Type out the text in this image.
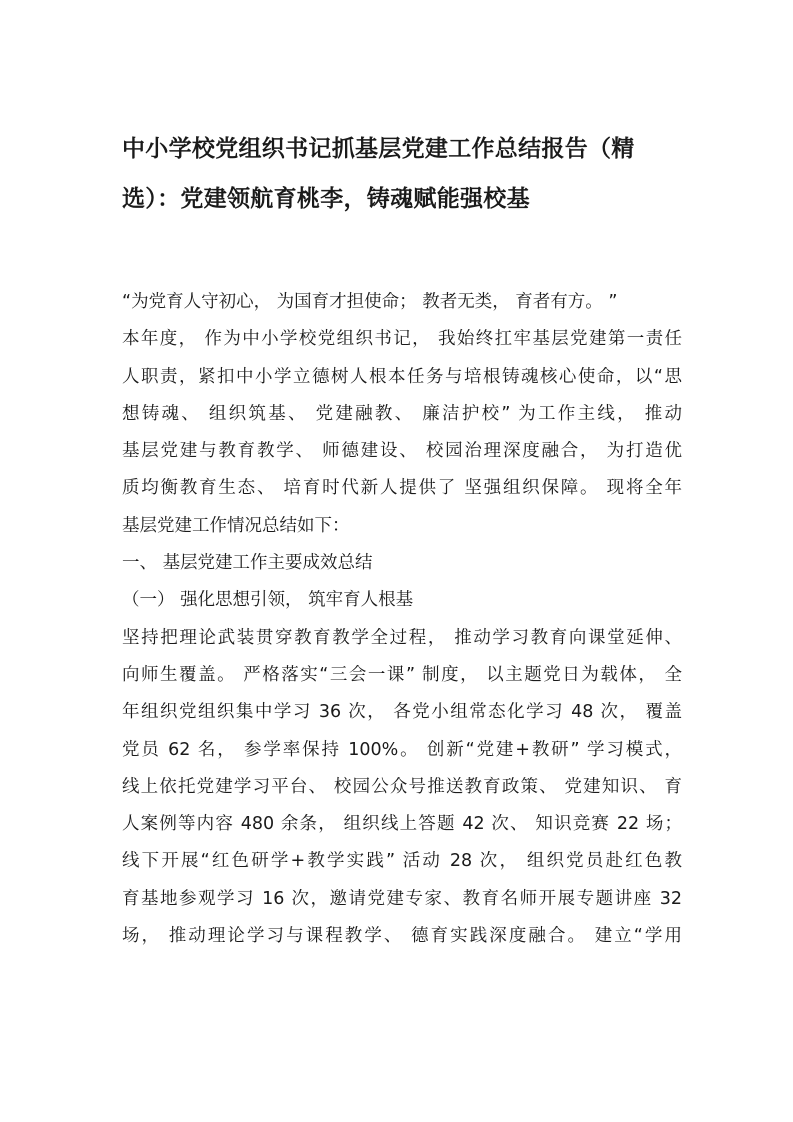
中小学校党组织书记抓基层党建工作总结报告（精
选）：党建领航育桃李，铸魂赋能强校基
“为党育人守初心， 为国育才担使命； 教者无类， 育者有方。 ”
本年度， 作为中小学校党组织书记， 我始终扛牢基层党建第一责任
人职责，紧扣中小学立德树人根本任务与培根铸魂核心使命，以“思
想铸魂、 组织筑基、 党建融教、 廉洁护校” 为工作主线， 推动
基层党建与教育教学、 师德建设、 校园治理深度融合， 为打造优
质均衡教育生态、 培育时代新人提供了 坚强组织保障。 现将全年
基层党建工作情况总结如下：
一、 基层党建工作主要成效总结
（一） 强化思想引领， 筑牢育人根基
坚持把理论武装贯穿教育教学全过程， 推动学习教育向课堂延伸、
向师生覆盖。 严格落实“三会一课” 制度， 以主题党日为载体， 全
年组织党组织集中学习 36 次， 各党小组常态化学习 48 次， 覆盖
党员 62 名， 参学率保持 100%。 创新“党建+教研” 学习模式，
线上依托党建学习平台、 校园公众号推送教育政策、 党建知识、 育
人案例等内容 480 余条， 组织线上答题 42 次、 知识竞赛 22 场；
线下开展“红色研学+教学实践” 活动 28 次， 组织党员赴红色教
育基地参观学习 16 次，邀请党建专家、教育名师开展专题讲座 32
场， 推动理论学习与课程教学、 德育实践深度融合。 建立“学用
